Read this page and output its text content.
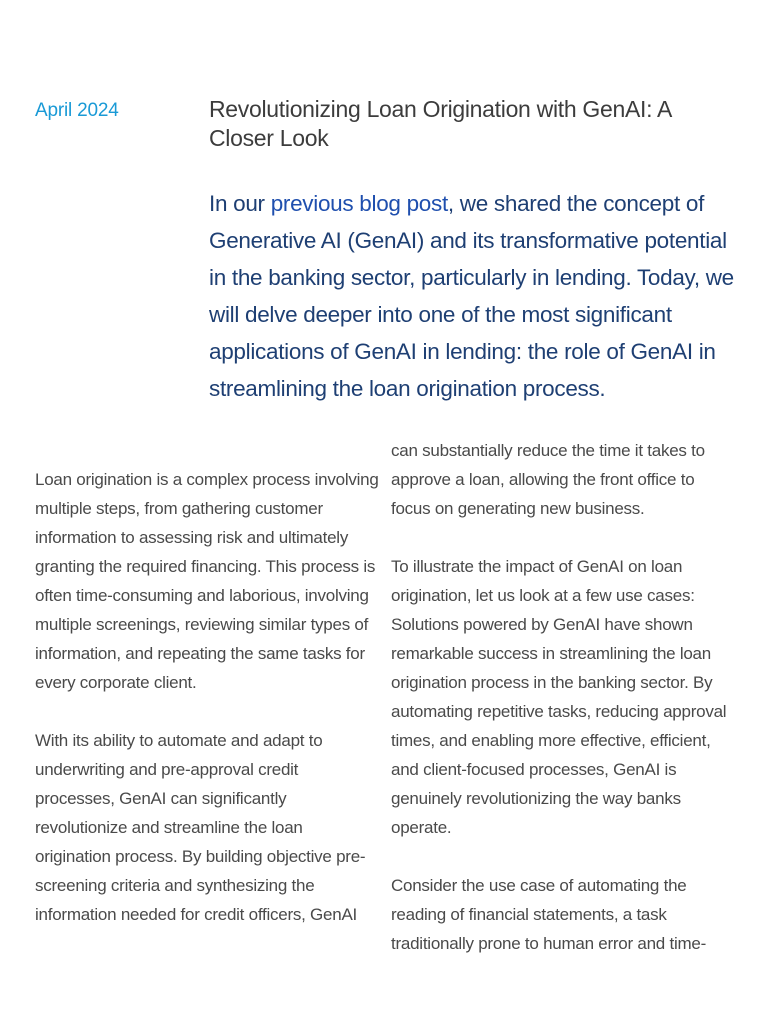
April 2024	Revolutionizing Loan Origination with GenAI: A Closer Look

In our previous blog post, we shared the concept of Generative AI (GenAI) and its transformative potential in the banking sector, particularly in lending. Today, we will delve deeper into one of the most significant applications of GenAI in lending: the role of GenAI in streamlining the loan origination process.

Loan origination is a complex process involving multiple steps, from gathering customer information to assessing risk and ultimately granting the required financing. This process is often time-consuming and laborious, involving multiple screenings, reviewing similar types of information, and repeating the same tasks for every corporate client.

With its ability to automate and adapt to underwriting and pre-approval credit processes, GenAI can significantly revolutionize and streamline the loan origination process. By building objective pre-screening criteria and synthesizing the information needed for credit officers, GenAI

can substantially reduce the time it takes to approve a loan, allowing the front office to focus on generating new business.

To illustrate the impact of GenAI on loan origination, let us look at a few use cases: Solutions powered by GenAI have shown remarkable success in streamlining the loan origination process in the banking sector. By automating repetitive tasks, reducing approval times, and enabling more effective, efficient, and client-focused processes, GenAI is genuinely revolutionizing the way banks operate.

Consider the use case of automating the reading of financial statements, a task traditionally prone to human error and time-
